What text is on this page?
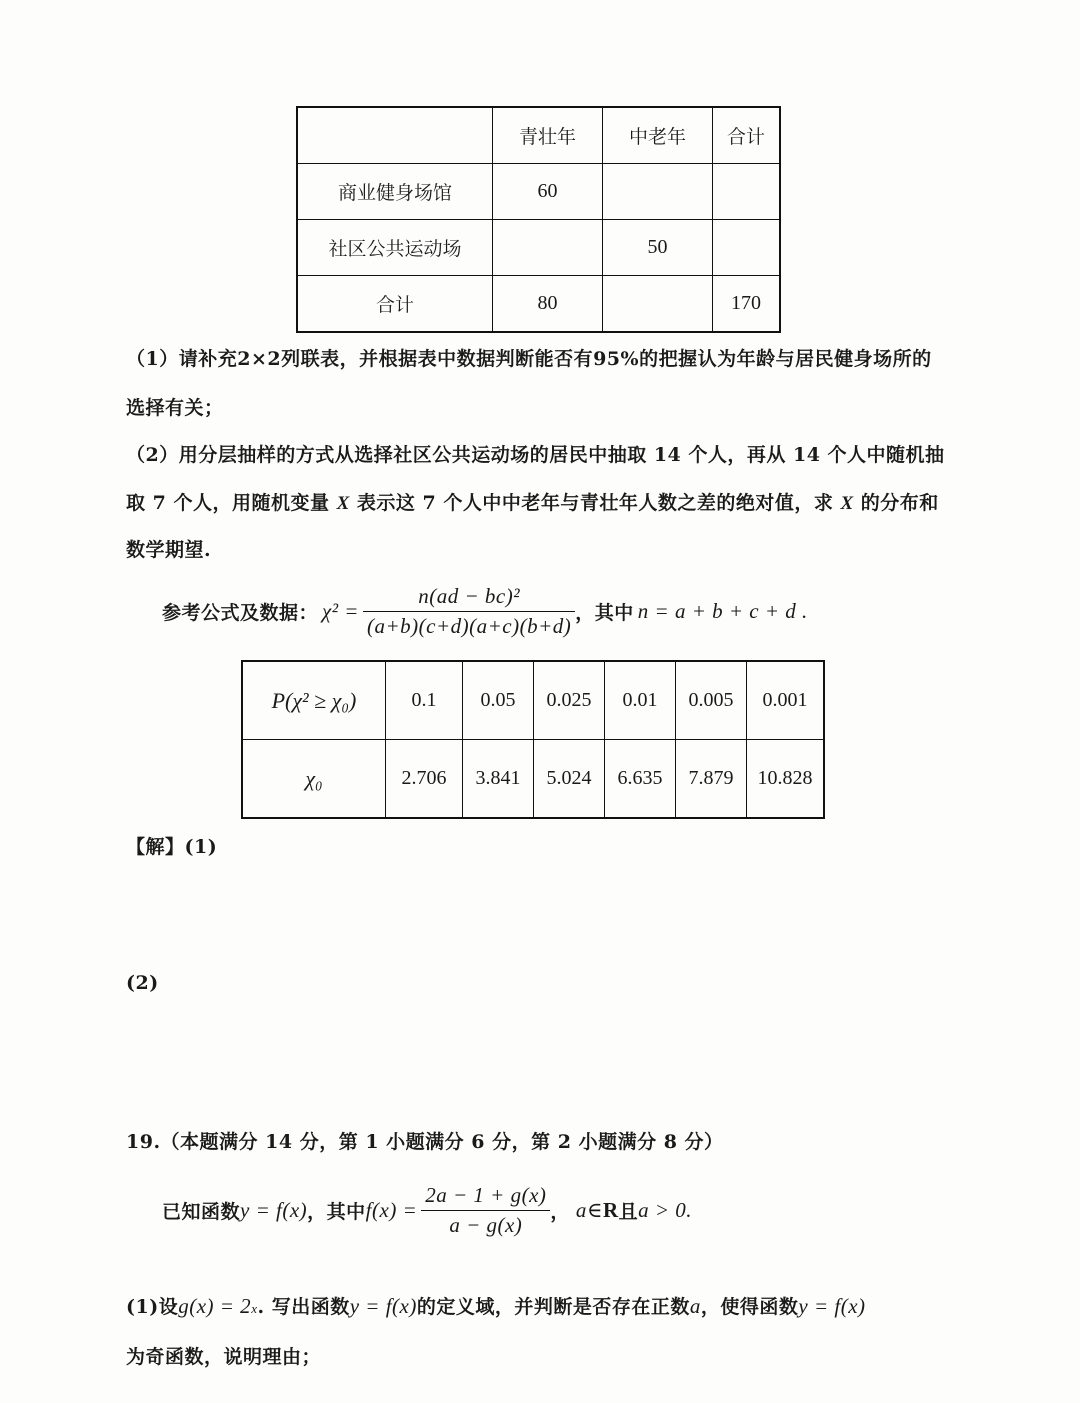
	青壮年	中老年	合计
商业健身场馆	60		
社区公共运动场		50	
合计	80		170
（1）请补充2×2列联表，并根据表中数据判断能否有95%的把握认为年龄与居民健身场所的
选择有关；
（2）用分层抽样的方式从选择社区公共运动场的居民中抽取 14 个人，再从 14 个人中随机抽
取 7 个人，用随机变量 X 表示这 7 个人中中老年与青壮年人数之差的绝对值，求 X 的分布和
数学期望.
参考公式及数据： $\chi^2 = \frac{\text{n(ad − bc)²}}{(a+b)(c+d)(a+c)(b+d)}$ ，其中 n = a + b + c + d .
P(χ² ≥ χ₀)	0.1	0.05	0.025	0.01	0.005	0.001
χ₀	2.706	3.841	5.024	6.635	7.879	10.828
【解】(1)
(2)
19.（本题满分 14 分，第 1 小题满分 6 分，第 2 小题满分 8 分）
已知函数 y = f(x) ，其中 $f(x) = \frac{2a - 1 + g(x)}{a - g(x)}$ ， a ∈ R 且 a > 0.
(1)设 g(x) = 2 x . 写出函数 y = f(x) 的定义域，并判断是否存在正数 a ，使得函数 y = f(x)
为奇函数，说明理由；
